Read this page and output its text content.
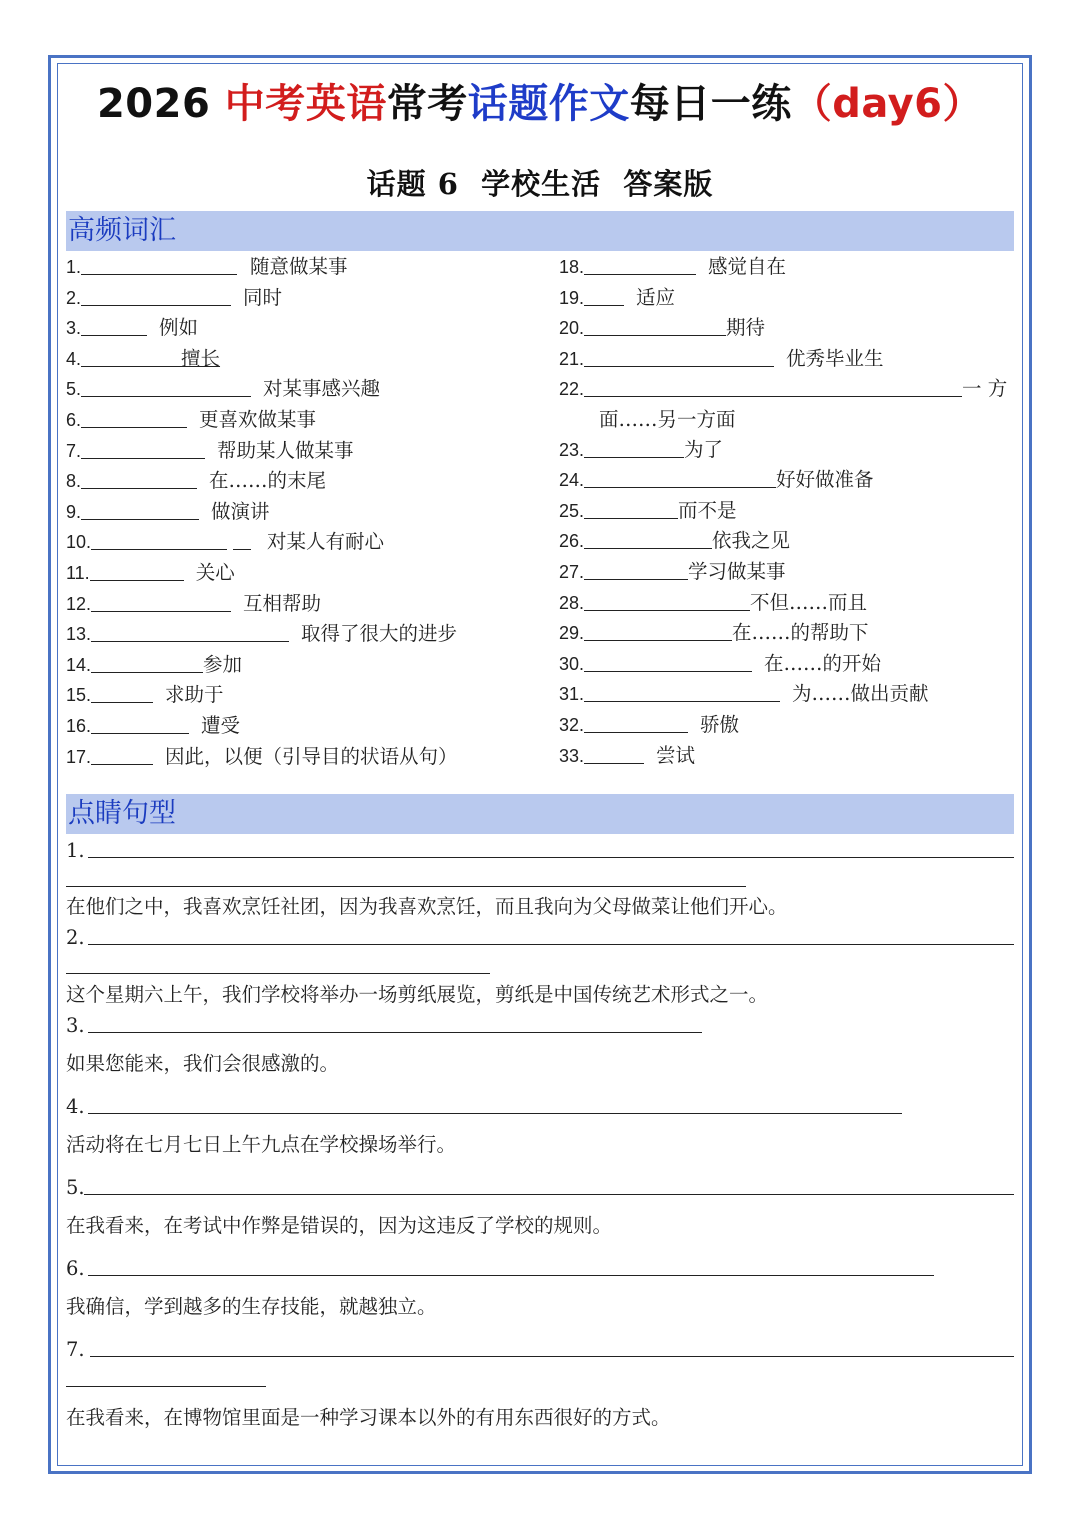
2026 中考英语常考话题作文每日一练（day6）
话题 6  学校生活  答案版
高频词汇
1.	随意做某事
2.	同时
3.	例如
4.	擅长
5.	对某事感兴趣
6.	更喜欢做某事
7.	帮助某人做某事
8.	在……的末尾
9.	做演讲
10.	对某人有耐心
11.	关心
12.	互相帮助
13.	取得了很大的进步
14.	参加
15.	求助于
16.	遭受
17.	因此，以便（引导目的状语从句）
18.	感觉自在
19.	适应
20.	期待
21.	优秀毕业生
22.	一 方
面……另一方面
23.	为了
24.	好好做准备
25.	而不是
26.	依我之见
27.	学习做某事
28.	不但……而且
29.	在……的帮助下
30.	在……的开始
31.	为……做出贡献
32.	骄傲
33.	尝试
点睛句型
1.
在他们之中，我喜欢烹饪社团，因为我喜欢烹饪，而且我向为父母做菜让他们开心。
2.
这个星期六上午，我们学校将举办一场剪纸展览，剪纸是中国传统艺术形式之一。
3.
如果您能来，我们会很感激的。
4.
活动将在七月七日上午九点在学校操场举行。
5.
在我看来，在考试中作弊是错误的，因为这违反了学校的规则。
6.
我确信，学到越多的生存技能，就越独立。
7.
在我看来，在博物馆里面是一种学习课本以外的有用东西很好的方式。
